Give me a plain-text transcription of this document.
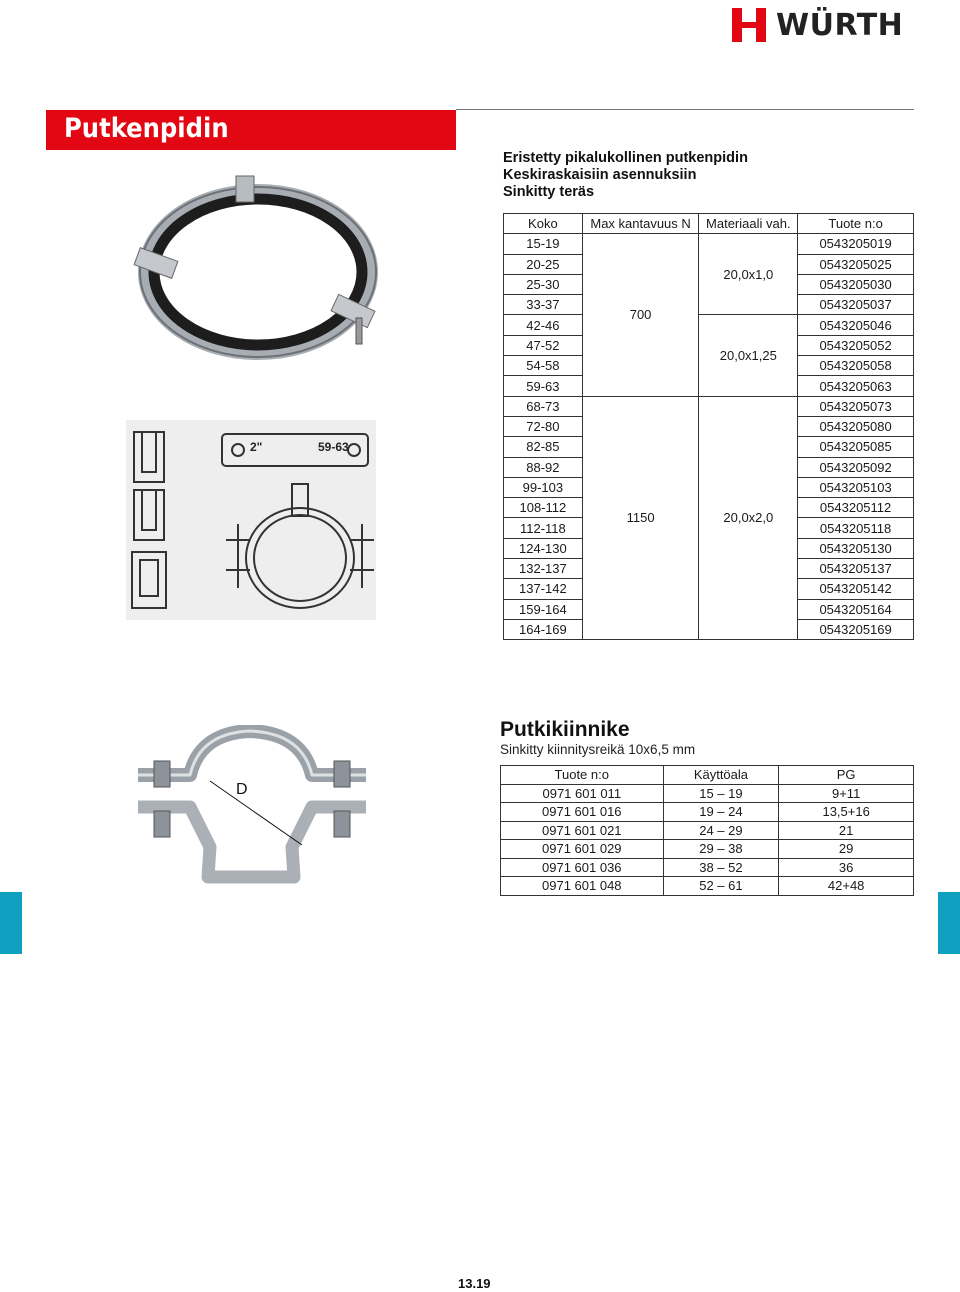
WÜRTH
Putkenpidin
2"	59-63
Eristetty pikalukollinen putkenpidin
Keskiraskaisiin asennuksiin
Sinkitty teräs
Koko	Max kantavuus N	Materiaali vah.	Tuote n:o
15-19	700	20,0x1,0	0543205019
20-25			0543205025
25-30			0543205030
33-37			0543205037
42-46		20,0x1,25	0543205046
47-52			0543205052
54-58			0543205058
59-63			0543205063
68-73	1150	20,0x2,0	0543205073
72-80			0543205080
82-85			0543205085
88-92			0543205092
99-103			0543205103
108-112			0543205112
112-118			0543205118
124-130			0543205130
132-137			0543205137
137-142			0543205142
159-164			0543205164
164-169			0543205169
D
Putkikiinnike
Sinkitty kiinnitysreikä 10x6,5 mm
Tuote n:o	Käyttöala	PG
0971 601 011	15 – 19	9+11
0971 601 016	19 – 24	13,5+16
0971 601 021	24 – 29	21
0971 601 029	29 – 38	29
0971 601 036	38 – 52	36
0971 601 048	52 – 61	42+48
13.19
